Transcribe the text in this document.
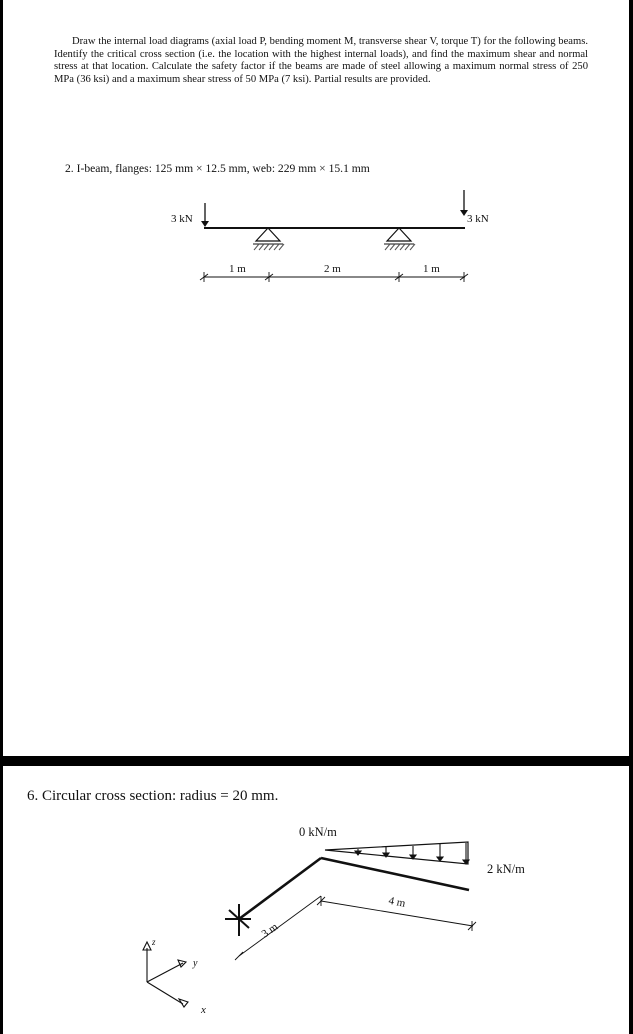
Draw the internal load diagrams (axial load P, bending moment M, transverse shear V, torque T) for the following beams. Identify the critical cross section (i.e. the location with the highest internal loads), and find the maximum shear and normal stress at that location. Calculate the safety factor if the beams are made of steel allowing a maximum normal stress of 250 MPa (36 ksi) and a maximum shear stress of 50 MPa (7 ksi). Partial results are provided.

2. I-beam, flanges: 125 mm × 12.5 mm, web: 229 mm × 15.1 mm
3 kN	3 kN
1 m	2 m	1 m
6. Circular cross section: radius = 20 mm.
0 kN/m
2 kN/m
4 m
3 m
z
y
x
